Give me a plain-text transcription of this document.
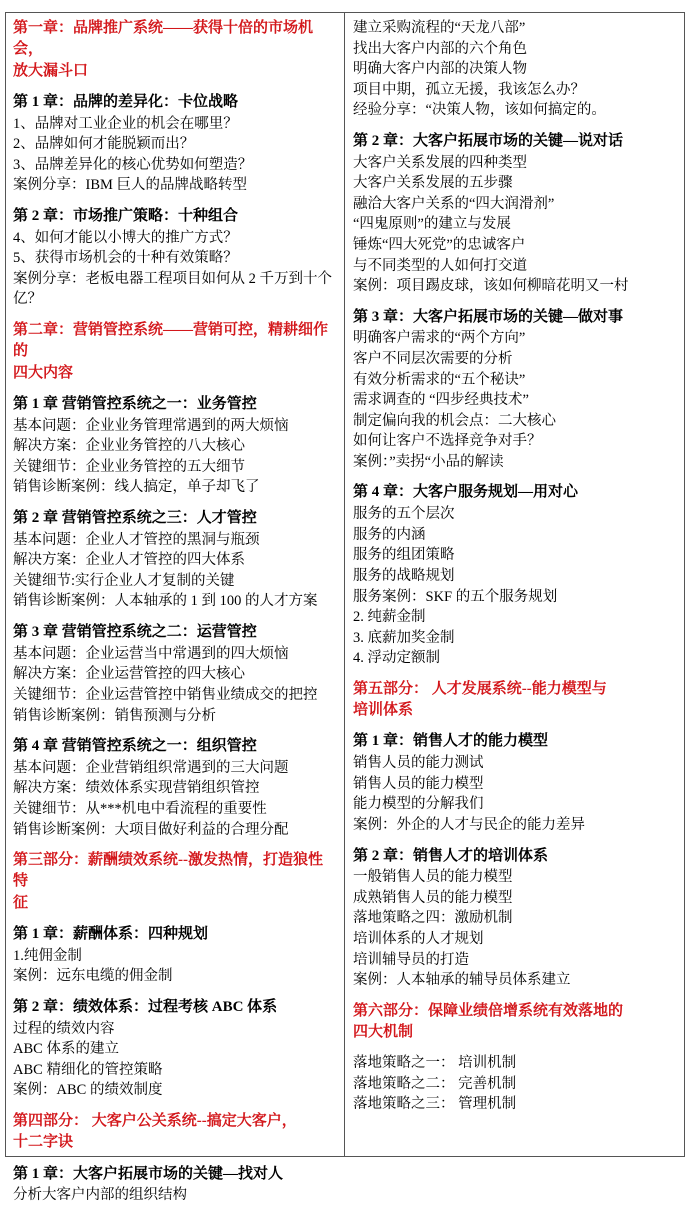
第一章：品牌推广系统——获得十倍的市场机会，
放大漏斗口
第 1 章：品牌的差异化：卡位战略
1、品牌对工业企业的机会在哪里？
2、品牌如何才能脱颖而出？
3、品牌差异化的核心优势如何塑造？
案例分享：IBM 巨人的品牌战略转型
第 2 章：市场推广策略：十种组合
4、如何才能以小博大的推广方式？
5、获得市场机会的十种有效策略？
案例分享：老板电器工程项目如何从 2 千万到十个
亿？
第二章：营销管控系统——营销可控，精耕细作的
四大内容
第 1 章 营销管控系统之一：业务管控
基本问题：企业业务管理常遇到的两大烦恼
解决方案：企业业务管控的八大核心
关键细节：企业业务管控的五大细节
销售诊断案例：线人搞定，单子却飞了
第 2 章 营销管控系统之三：人才管控
基本问题：企业人才管控的黑洞与瓶颈
解决方案：企业人才管控的四大体系
关键细节:实行企业人才复制的关键
销售诊断案例：人本轴承的 1 到 100 的人才方案
第 3 章 营销管控系统之二：运营管控
基本问题：企业运营当中常遇到的四大烦恼
解决方案：企业运营管控的四大核心
关键细节：企业运营管控中销售业绩成交的把控
销售诊断案例：销售预测与分析
第 4 章 营销管控系统之一：组织管控
基本问题：企业营销组织常遇到的三大问题
解决方案：绩效体系实现营销组织管控
关键细节：从***机电中看流程的重要性
销售诊断案例：大项目做好利益的合理分配
第三部分：薪酬绩效系统--激发热情，打造狼性特
征
第 1 章：薪酬体系：四种规划
1.纯佣金制
案例：远东电缆的佣金制
第 2 章：绩效体系：过程考核 ABC 体系
过程的绩效内容
ABC 体系的建立
ABC 精细化的管控策略
案例：ABC 的绩效制度
第四部分： 大客户公关系统--搞定大客户，
十二字诀
第 1 章：大客户拓展市场的关键—找对人
分析大客户内部的组织结构
建立采购流程的“天龙八部”
找出大客户内部的六个角色
明确大客户内部的决策人物
项目中期，孤立无援，我该怎么办？
经验分享：“决策人物，该如何搞定的。
第 2 章：大客户拓展市场的关键—说对话
大客户关系发展的四种类型
大客户关系发展的五步骤
融洽大客户关系的“四大润滑剂”
“四鬼原则”的建立与发展
锤炼“四大死党”的忠诚客户
与不同类型的人如何打交道
案例：项目踢皮球，该如何柳暗花明又一村
第 3 章：大客户拓展市场的关键—做对事
明确客户需求的“两个方向”
客户不同层次需要的分析
有效分析需求的“五个秘诀”
需求调查的 “四步经典技术”
制定偏向我的机会点：二大核心
如何让客户不选择竞争对手？
案例：”卖拐“小品的解读
第 4 章：大客户服务规划—用对心
服务的五个层次
服务的内涵
服务的组团策略
服务的战略规划
服务案例：SKF 的五个服务规划
2. 纯薪金制
3. 底薪加奖金制
4. 浮动定额制
第五部分： 人才发展系统--能力模型与
培训体系
第 1 章：销售人才的能力模型
销售人员的能力测试
销售人员的能力模型
能力模型的分解我们
案例：外企的人才与民企的能力差异
第 2 章：销售人才的培训体系
一般销售人员的能力模型
成熟销售人员的能力模型
落地策略之四：激励机制
培训体系的人才规划
培训辅导员的打造
案例：人本轴承的辅导员体系建立
第六部分：保障业绩倍增系统有效落地的
四大机制
落地策略之一： 培训机制
落地策略之二： 完善机制
落地策略之三： 管理机制
